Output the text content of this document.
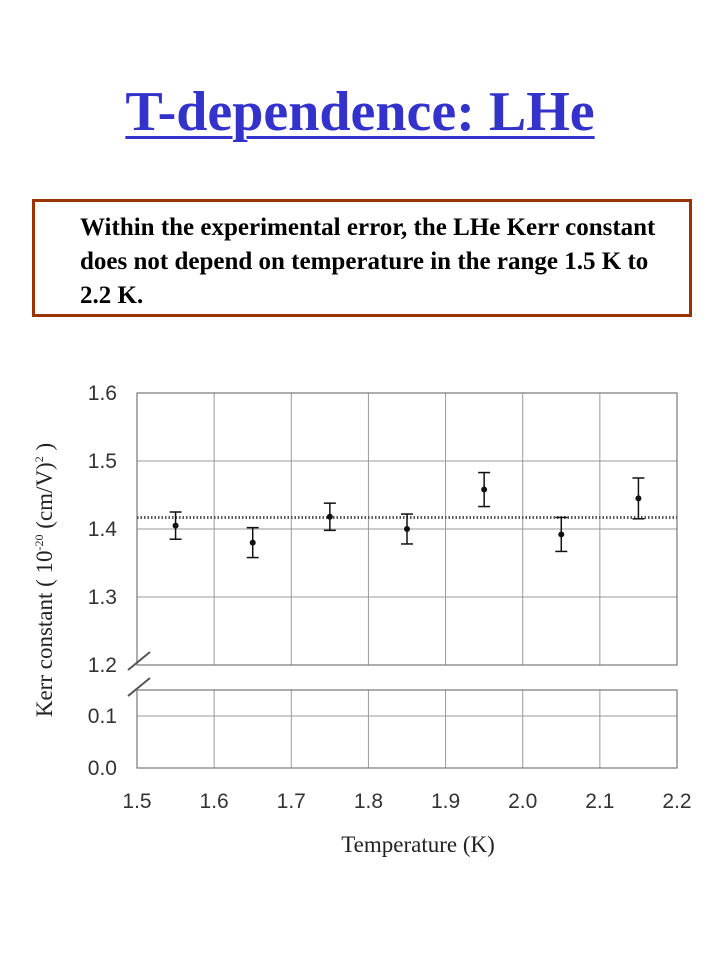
T-dependence: LHe

Within the experimental error, the LHe Kerr constant does not depend on temperature in the range 1.5 K to 2.2 K.

1.6
1.5
1.4
1.3
1.2
0.1
0.0
1.5 1.6 1.7 1.8 1.9 2.0 2.1 2.2
Temperature (K)
Kerr constant ( $10^{-20}$ $(cm/V)^2$ )
